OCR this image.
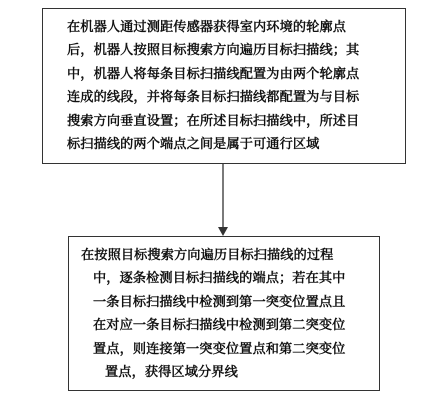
在机器人通过测距传感器获得室内环境的轮廓点
后，机器人按照目标搜索方向遍历目标扫描线；其
中，机器人将每条目标扫描线配置为由两个轮廓点
连成的线段，并将每条目标扫描线都配置为与目标
搜索方向垂直设置；在所述目标扫描线中，所述目
标扫描线的两个端点之间是属于可通行区域
在按照目标搜索方向遍历目标扫描线的过程
中，逐条检测目标扫描线的端点；若在其中
一条目标扫描线中检测到第一突变位置点且
在对应一条目标扫描线中检测到第二突变位
置点，则连接第一突变位置点和第二突变位
置点，获得区域分界线
